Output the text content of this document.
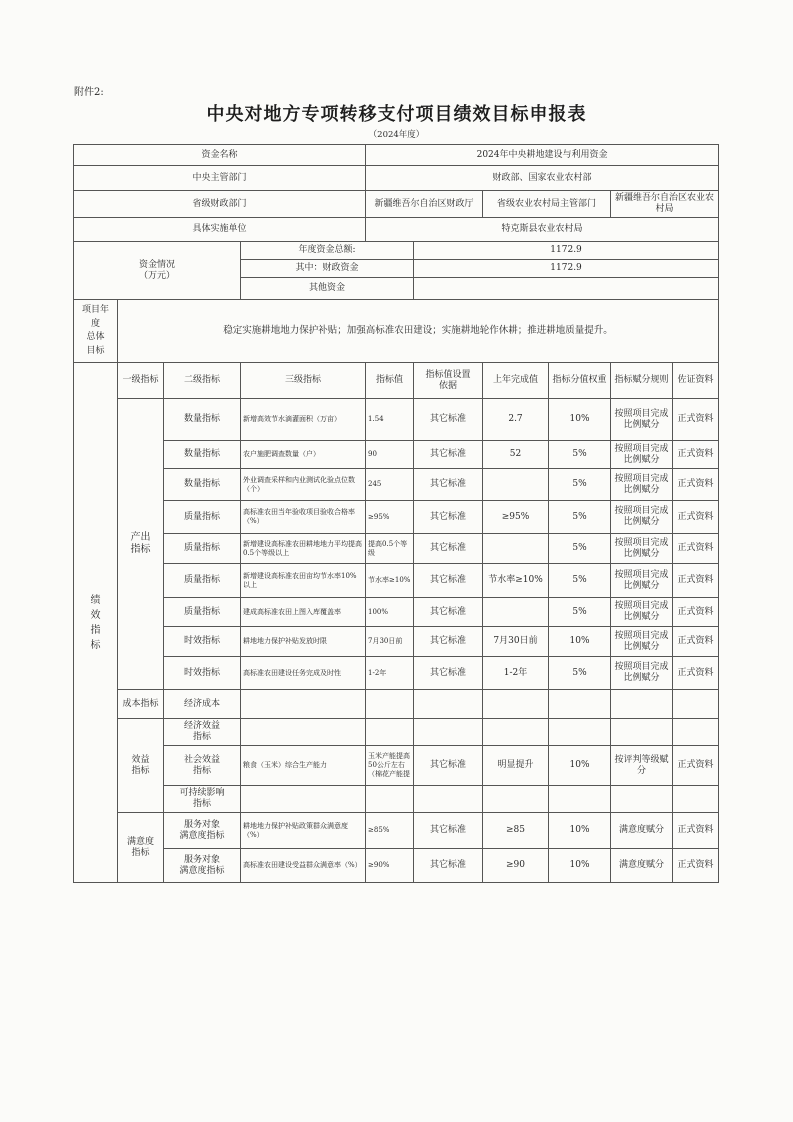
附件2:
中央对地方专项转移支付项目绩效目标申报表
（2024年度）
资金名称				2024年中央耕地建设与利用资金					
中央主管部门				财政部、国家农业农村部					
省级财政部门				新疆维吾尔自治区财政厅		省级农业农村局主管部门		新疆维吾尔自治区农业农村局	
具体实施单位				特克斯县农业农村局					
资金情况
（万元）			年度资金总额:		1172.9				
			其中：财政资金		1172.9				
			其他资金						
项目年
度
总体
目标	稳定实施耕地地力保护补贴；加强高标准农田建设；实施耕地轮作休耕；推进耕地质量提升。								
绩
效
指
标	一级指标	二级指标	三级指标	指标值	指标值设置
依据	上年完成值	指标分值权重	指标赋分规则	佐证资料
	产出
指标	数量指标	新增高效节水滴灌面积（万亩）	1.54	其它标准	2.7	10%	按照项目完成
比例赋分	正式资料
		数量指标	农户施肥调查数量（户）	90	其它标准	52	5%	按照项目完成
比例赋分	正式资料
		数量指标	外业调查采样和内业测试化验点位数（个）	245	其它标准		5%	按照项目完成
比例赋分	正式资料
		质量指标	高标准农田当年验收项目验收合格率（%）	≥95%	其它标准	≥95%	5%	按照项目完成
比例赋分	正式资料
		质量指标	新增建设高标准农田耕地地力平均提高0.5个等级以上	提高0.5个等级	其它标准		5%	按照项目完成
比例赋分	正式资料
		质量指标	新增建设高标准农田亩均节水率10%以上	节水率≥10%	其它标准	节水率≥10%	5%	按照项目完成
比例赋分	正式资料
		质量指标	建成高标准农田上图入库覆盖率	100%	其它标准		5%	按照项目完成
比例赋分	正式资料
		时效指标	耕地地力保护补贴发放时限	7月30日前	其它标准	7月30日前	10%	按照项目完成
比例赋分	正式资料
		时效指标	高标准农田建设任务完成及时性	1-2年	其它标准	1-2年	5%	按照项目完成
比例赋分	正式资料
	成本指标	经济成本							
	效益
指标	经济效益
指标							
		社会效益
指标	粮食（玉米）综合生产能力	玉米产能提高50公斤左右（棉花产能提	其它标准	明显提升	10%	按评判等级赋
分	正式资料
		可持续影响
指标							
	满意度
指标	服务对象
满意度指标	耕地地力保护补贴政策群众满意度（%）	≥85%	其它标准	≥85	10%	满意度赋分	正式资料
		服务对象
满意度指标	高标准农田建设受益群众满意率（%）	≥90%	其它标准	≥90	10%	满意度赋分	正式资料
